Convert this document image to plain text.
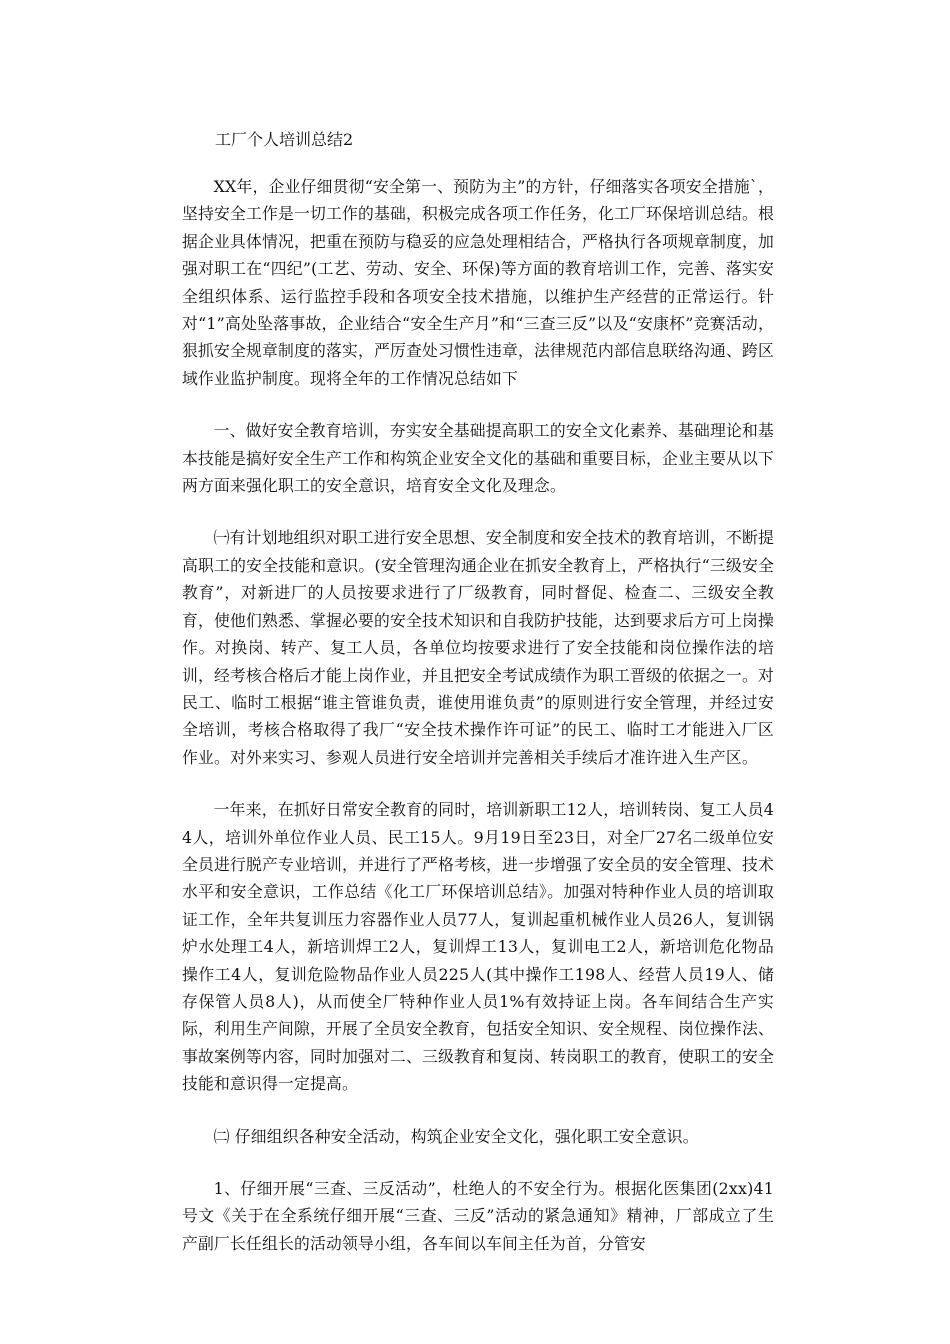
工厂个人培训总结2

XX年，企业仔细贯彻“安全第一、预防为主”的方针，仔细落实各项安全措施`，坚持安全工作是一切工作的基础，积极完成各项工作任务，化工厂环保培训总结。根据企业具体情况，把重在预防与稳妥的应急处理相结合，严格执行各项规章制度，加强对职工在“四纪”(工艺、劳动、安全、环保)等方面的教育培训工作，完善、落实安全组织体系、运行监控手段和各项安全技术措施，以维护生产经营的正常运行。针对“1”高处坠落事故，企业结合“安全生产月”和“三查三反”以及“安康杯”竞赛活动，狠抓安全规章制度的落实，严厉查处习惯性违章，法律规范内部信息联络沟通、跨区域作业监护制度。现将全年的工作情况总结如下

一、做好安全教育培训，夯实安全基础提高职工的安全文化素养、基础理论和基本技能是搞好安全生产工作和构筑企业安全文化的基础和重要目标，企业主要从以下两方面来强化职工的安全意识，培育安全文化及理念。

㈠有计划地组织对职工进行安全思想、安全制度和安全技术的教育培训，不断提高职工的安全技能和意识。(安全管理沟通企业在抓安全教育上，严格执行“三级安全教育”，对新进厂的人员按要求进行了厂级教育，同时督促、检查二、三级安全教育，使他们熟悉、掌握必要的安全技术知识和自我防护技能，达到要求后方可上岗操作。对换岗、转产、复工人员，各单位均按要求进行了安全技能和岗位操作法的培训，经考核合格后才能上岗作业，并且把安全考试成绩作为职工晋级的依据之一。对民工、临时工根据“谁主管谁负责，谁使用谁负责”的原则进行安全管理，并经过安全培训，考核合格取得了我厂“安全技术操作许可证”的民工、临时工才能进入厂区作业。对外来实习、参观人员进行安全培训并完善相关手续后才准许进入生产区。

一年来，在抓好日常安全教育的同时，培训新职工12人，培训转岗、复工人员44人，培训外单位作业人员、民工15人。9月19日至23日，对全厂27名二级单位安全员进行脱产专业培训，并进行了严格考核，进一步增强了安全员的安全管理、技术水平和安全意识，工作总结《化工厂环保培训总结》。加强对特种作业人员的培训取证工作，全年共复训压力容器作业人员77人，复训起重机械作业人员26人，复训锅炉水处理工4人，新培训焊工2人，复训焊工13人，复训电工2人，新培训危化物品操作工4人，复训危险物品作业人员225人(其中操作工198人、经营人员19人、储存保管人员8人)，从而使全厂特种作业人员1%有效持证上岗。各车间结合生产实际，利用生产间隙，开展了全员安全教育，包括安全知识、安全规程、岗位操作法、事故案例等内容，同时加强对二、三级教育和复岗、转岗职工的教育，使职工的安全技能和意识得一定提高。

㈡ 仔细组织各种安全活动，构筑企业安全文化，强化职工安全意识。

1、仔细开展“三查、三反活动”，杜绝人的不安全行为。根据化医集团(2xx)41号文《关于在全系统仔细开展“三查、三反”活动的紧急通知》精神，厂部成立了生产副厂长任组长的活动领导小组，各车间以车间主任为首，分管安
